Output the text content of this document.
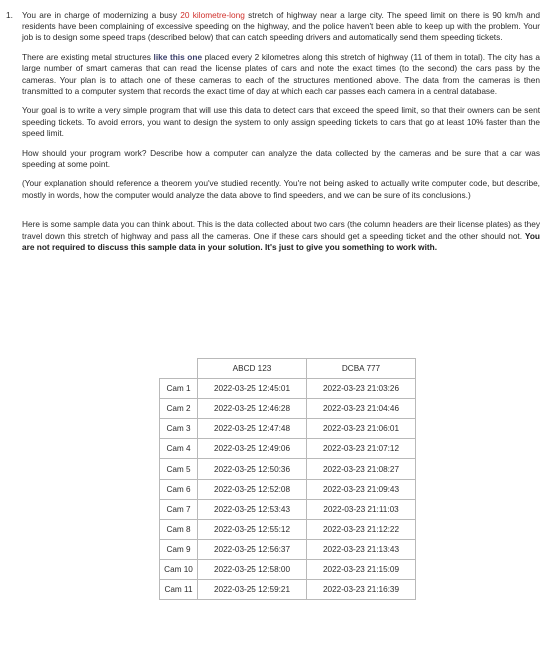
1. You are in charge of modernizing a busy 20 kilometre-long stretch of highway near a large city. The speed limit on there is 90 km/h and residents have been complaining of excessive speeding on the highway, and the police haven't been able to keep up with the problem. Your job is to design some speed traps (described below) that can catch speeding drivers and automatically send them speeding tickets.

There are existing metal structures like this one placed every 2 kilometres along this stretch of highway (11 of them in total). The city has a large number of smart cameras that can read the license plates of cars and note the exact times (to the second) the cars pass by the cameras. Your plan is to attach one of these cameras to each of the structures mentioned above. The data from the cameras is then transmitted to a computer system that records the exact time of day at which each car passes each camera in a central database.

Your goal is to write a very simple program that will use this data to detect cars that exceed the speed limit, so that their owners can be sent speeding tickets. To avoid errors, you want to design the system to only assign speeding tickets to cars that go at least 10% faster than the speed limit.

How should your program work? Describe how a computer can analyze the data collected by the cameras and be sure that a car was speeding at some point.

(Your explanation should reference a theorem you've studied recently. You're not being asked to actually write computer code, but describe, mostly in words, how the computer would analyze the data above to find speeders, and we can be sure of its conclusions.)

Here is some sample data you can think about. This is the data collected about two cars (the column headers are their license plates) as they travel down this stretch of highway and pass all the cameras. One if these cars should get a speeding ticket and the other should not. You are not required to discuss this sample data in your solution. It's just to give you something to work with.

	ABCD 123	DCBA 777
Cam 1	2022-03-25 12:45:01	2022-03-23 21:03:26
Cam 2	2022-03-25 12:46:28	2022-03-23 21:04:46
Cam 3	2022-03-25 12:47:48	2022-03-23 21:06:01
Cam 4	2022-03-25 12:49:06	2022-03-23 21:07:12
Cam 5	2022-03-25 12:50:36	2022-03-23 21:08:27
Cam 6	2022-03-25 12:52:08	2022-03-23 21:09:43
Cam 7	2022-03-25 12:53:43	2022-03-23 21:11:03
Cam 8	2022-03-25 12:55:12	2022-03-23 21:12:22
Cam 9	2022-03-25 12:56:37	2022-03-23 21:13:43
Cam 10	2022-03-25 12:58:00	2022-03-23 21:15:09
Cam 11	2022-03-25 12:59:21	2022-03-23 21:16:39
